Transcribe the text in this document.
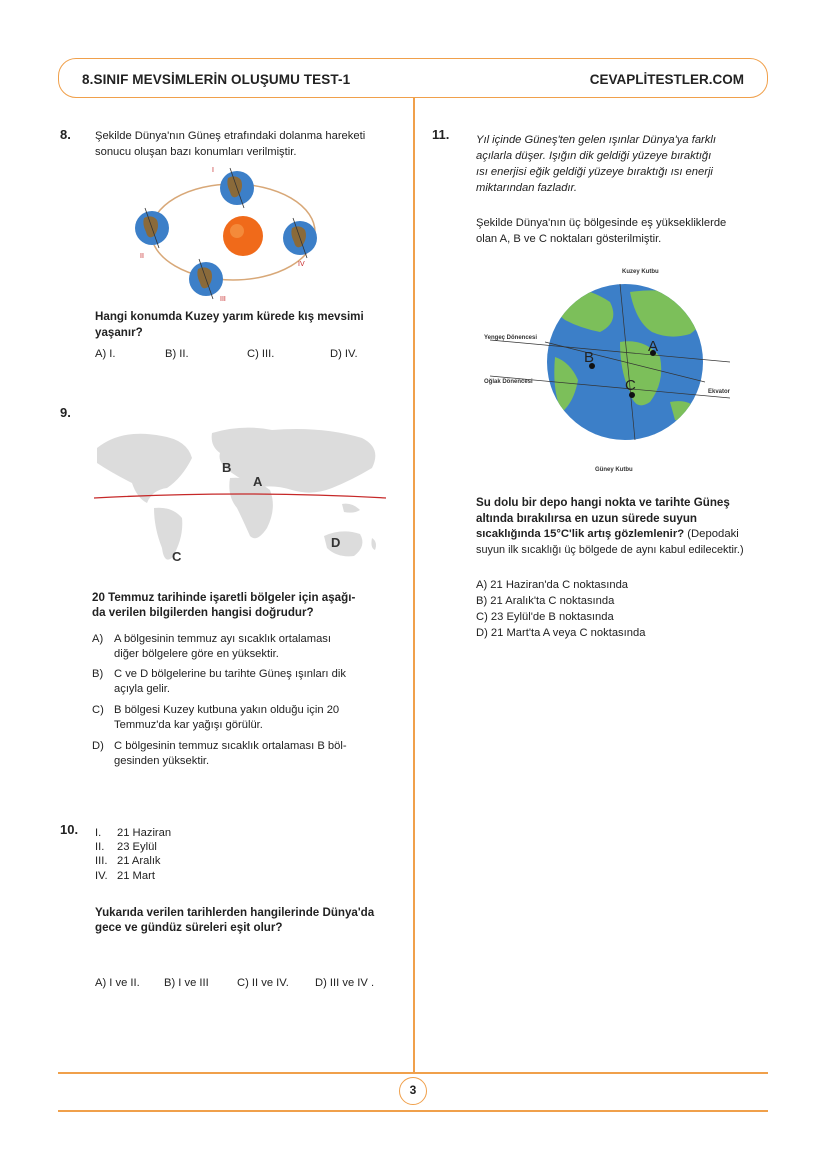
8.SINIF MEVSİMLERİN OLUŞUMU TEST-1	CEVAPLİTESTLER.COM
8. Şekilde Dünya'nın Güneş etrafındaki dolanma hareketi
sonucu oluşan bazı konumları verilmiştir.
I
II
III
IV
Hangi konumda Kuzey yarım kürede kış mevsimi
yaşanır?
A) I.	B) II.	C) III.	D) IV.
9.
A
B
C
D
20 Temmuz tarihinde işaretli bölgeler için aşağı-
da verilen bilgilerden hangisi doğrudur?
A) A bölgesinin temmuz ayı sıcaklık ortalaması
diğer bölgelere göre en yüksektir.
B) C ve D bölgelerine bu tarihte Güneş ışınları dik
açıyla gelir.
C) B bölgesi Kuzey kutbuna yakın olduğu için 20
Temmuz'da kar yağışı görülür.
D) C bölgesinin temmuz sıcaklık ortalaması B böl-
gesinden yüksektir.
10. I. 21 Haziran
II. 23 Eylül
III. 21 Aralık
IV. 21 Mart
Yukarıda verilen tarihlerden hangilerinde Dünya'da
gece ve gündüz süreleri eşit olur?
A) I ve II. B) I ve III	C) II ve IV. D) III ve IV .
11. Yıl içinde Güneş'ten gelen ışınlar Dünya'ya farklı
açılarla düşer. Işığın dik geldiği yüzeye bıraktığı
ısı enerjisi eğik geldiği yüzeye bıraktığı ısı enerji
miktarından fazladır.
Şekilde Dünya'nın üç bölgesinde eş yüksekliklerde
olan A, B ve C noktaları gösterilmiştir.
A
B
C
Kuzey Kutbu
Güney Kutbu
Yengeç Dönencesi
Oğlak Dönencesi
Ekvator
Su dolu bir depo hangi nokta ve tarihte Güneş
altında bırakılırsa en uzun sürede suyun
sıcaklığında 15°C'lik artış gözlemlenir? (Depodaki
suyun ilk sıcaklığı üç bölgede de aynı kabul edilecektir.)
A) 21 Haziran'da C noktasında
B) 21 Aralık'ta C noktasında
C) 23 Eylül'de B noktasında
D) 21 Mart'ta A veya C noktasında
3
